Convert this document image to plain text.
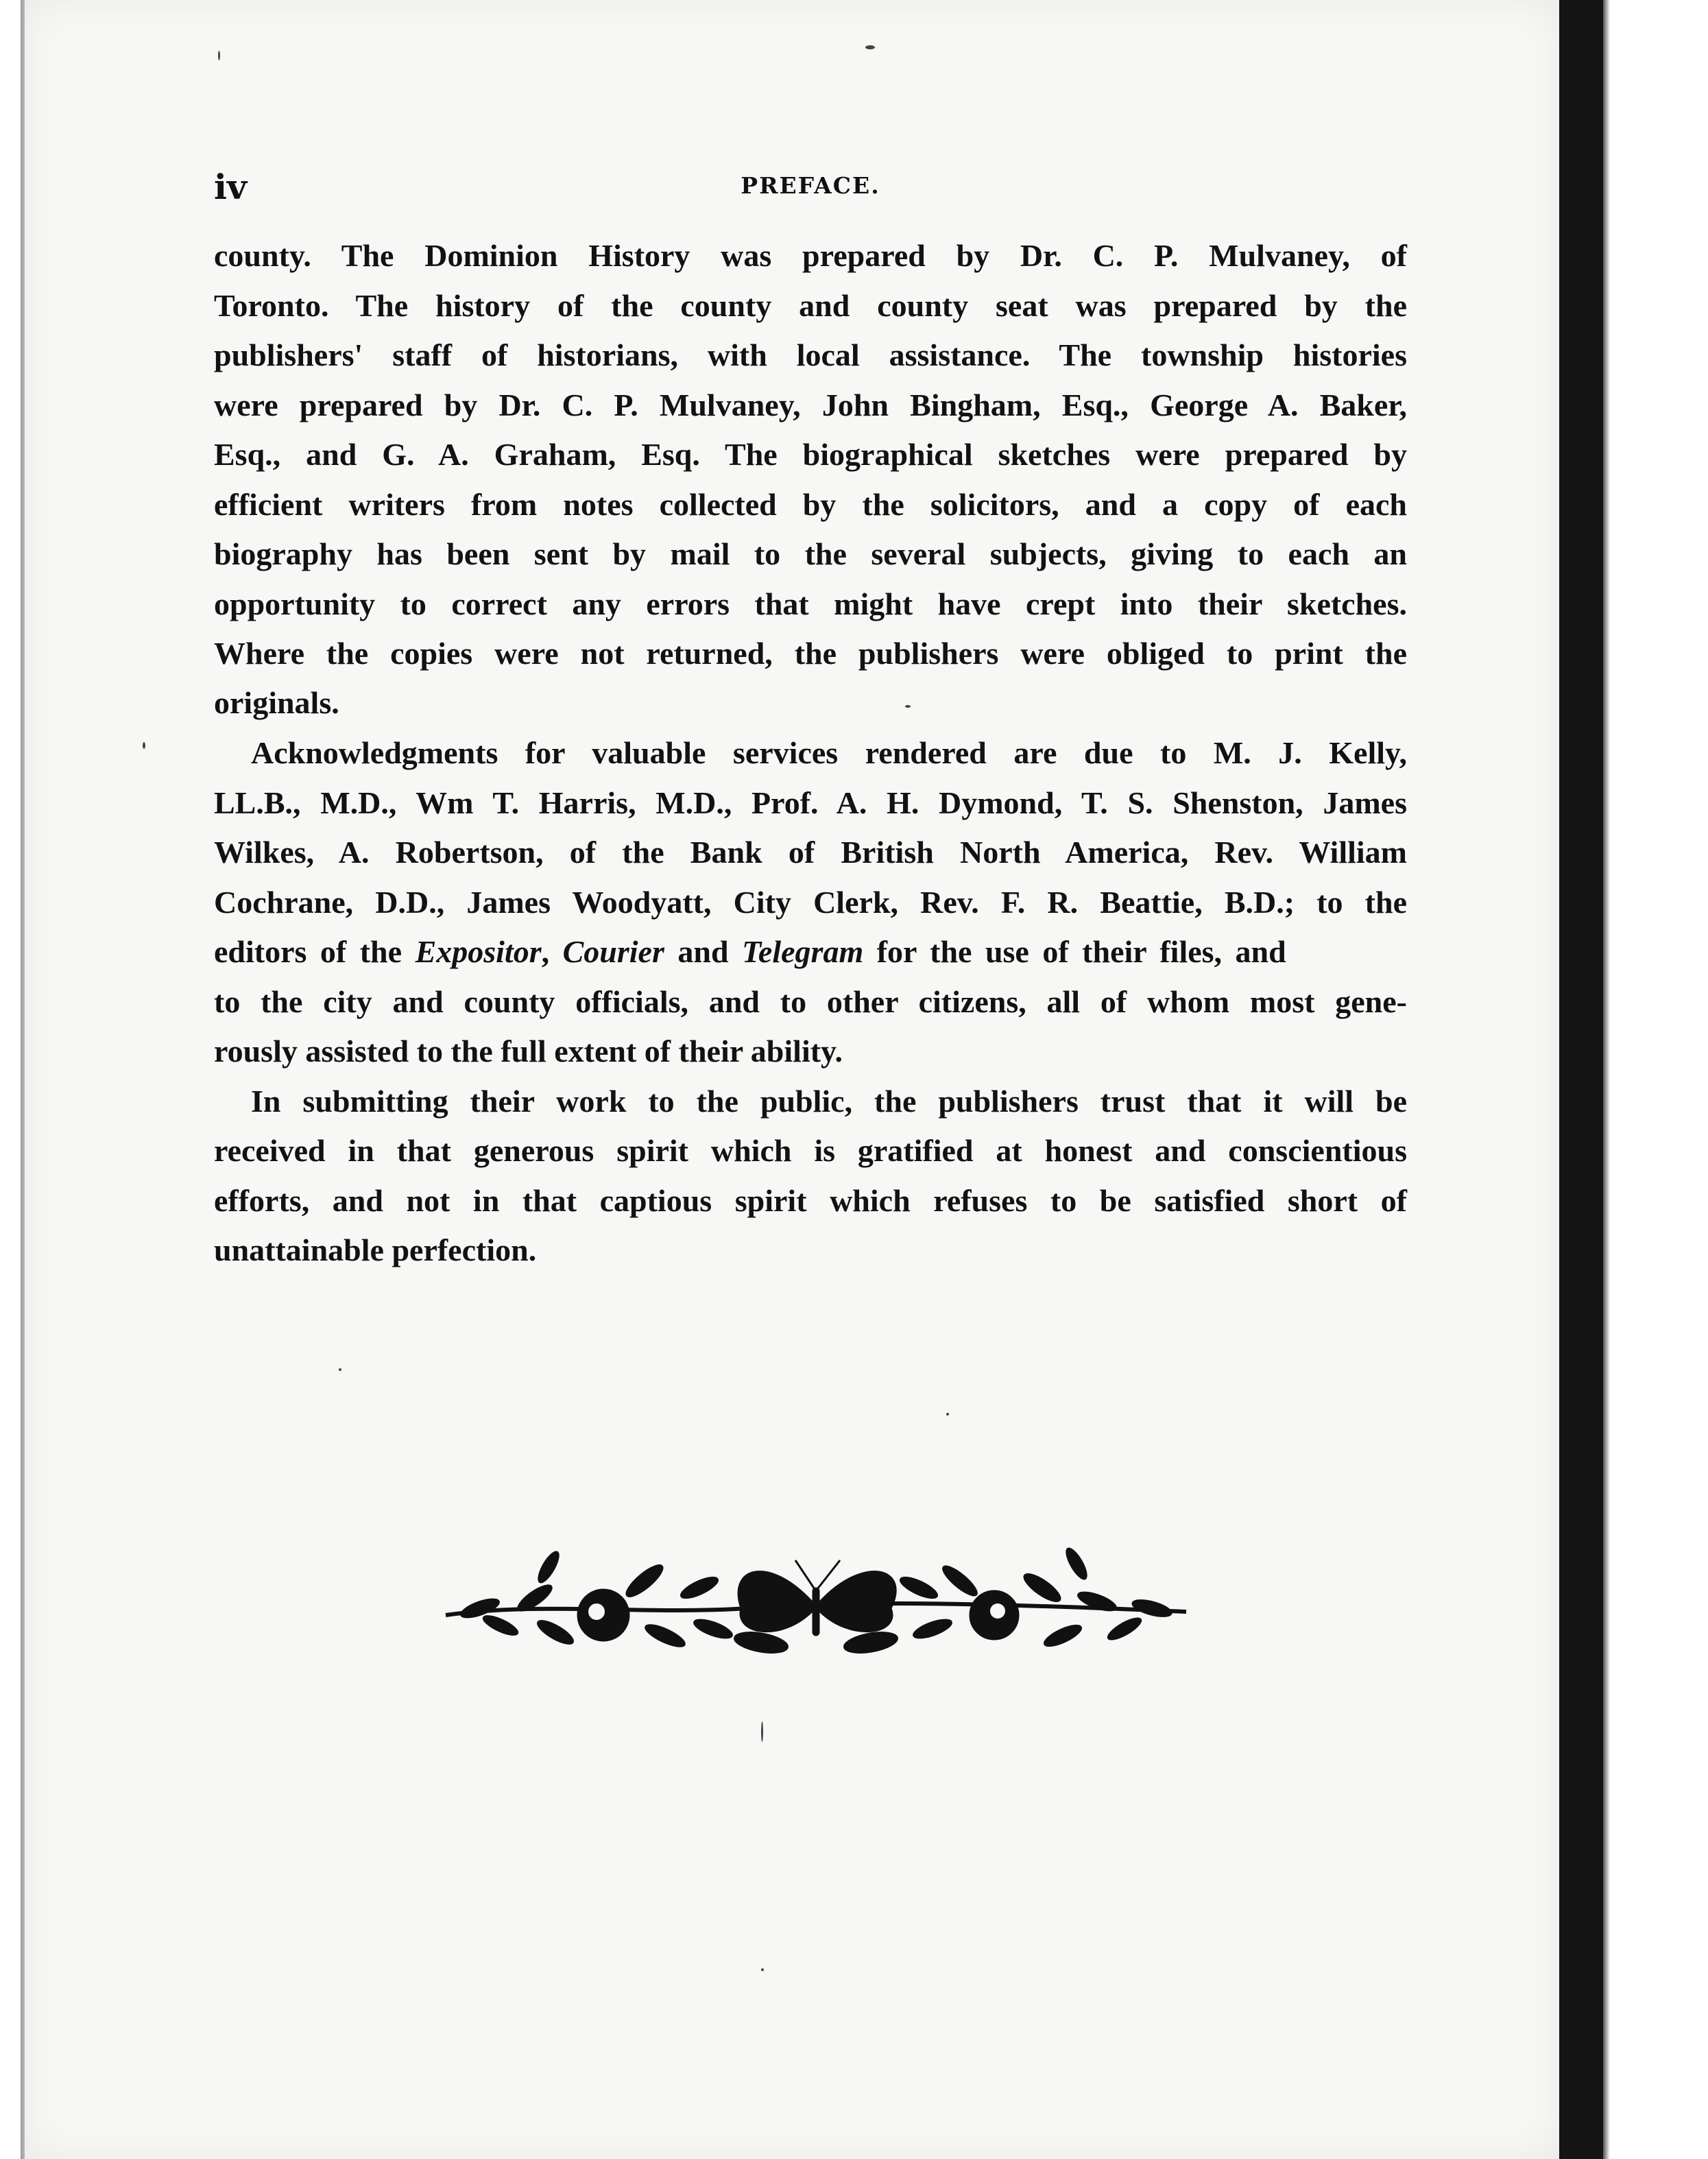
iv	PREFACE.
county. The Dominion History was prepared by Dr. C. P. Mulvaney, of
Toronto. The history of the county and county seat was prepared by the
publishers' staff of historians, with local assistance. The township histories
were prepared by Dr. C. P. Mulvaney, John Bingham, Esq., George A. Baker,
Esq., and G. A. Graham, Esq. The biographical sketches were prepared by
efficient writers from notes collected by the solicitors, and a copy of each
biography has been sent by mail to the several subjects, giving to each an
opportunity to correct any errors that might have crept into their sketches.
Where the copies were not returned, the publishers were obliged to print the
originals.
Acknowledgments for valuable services rendered are due to M. J. Kelly,
LL.B., M.D., Wm T. Harris, M.D., Prof. A. H. Dymond, T. S. Shenston, James
Wilkes, A. Robertson, of the Bank of British North America, Rev. William
Cochrane, D.D., James Woodyatt, City Clerk, Rev. F. R. Beattie, B.D.; to the
editors of the Expositor, Courier and Telegram for the use of their files, and
to the city and county officials, and to other citizens, all of whom most gene-
rously assisted to the full extent of their ability.
In submitting their work to the public, the publishers trust that it will be
received in that generous spirit which is gratified at honest and conscientious
efforts, and not in that captious spirit which refuses to be satisfied short of
unattainable perfection.
